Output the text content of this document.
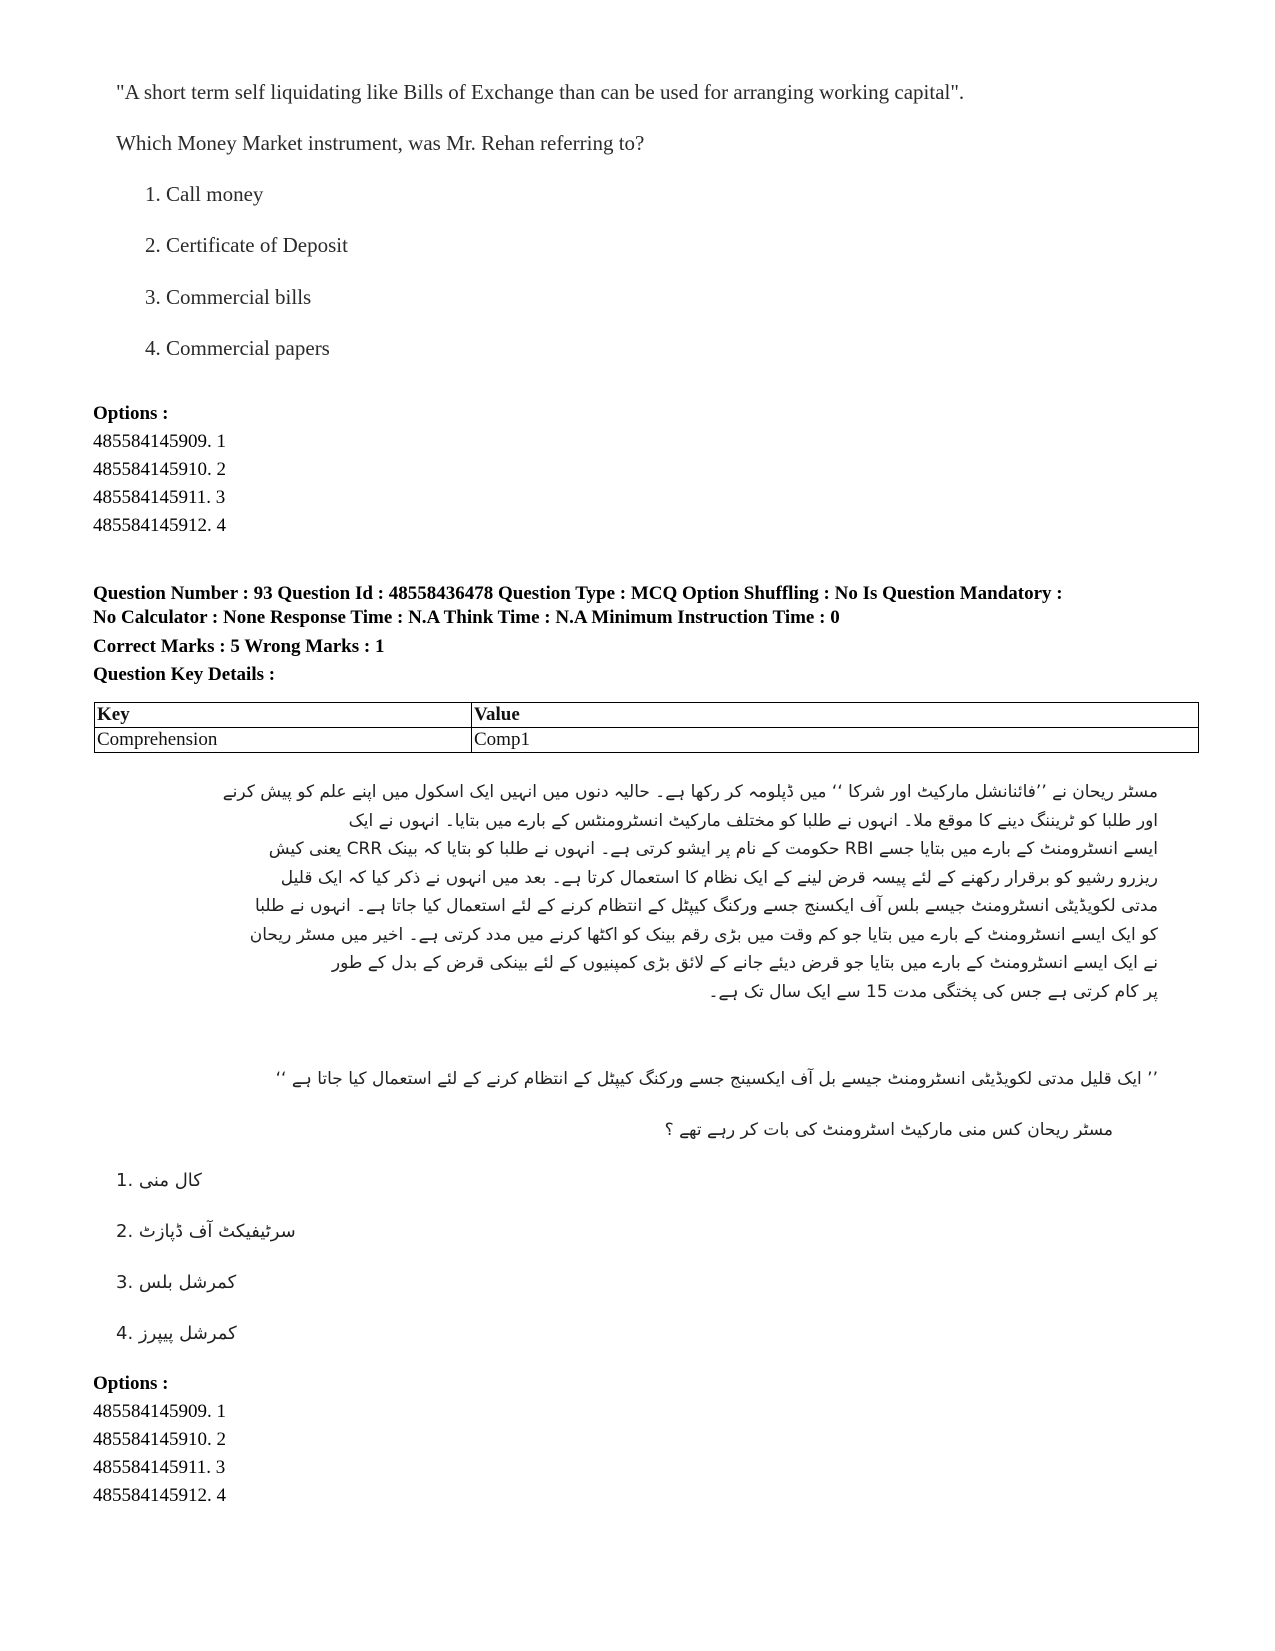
"A short term self liquidating like Bills of Exchange than can be used for arranging working capital".
Which Money Market instrument, was Mr. Rehan referring to?
1. Call money
2. Certificate of Deposit
3. Commercial bills
4. Commercial papers
Options :
485584145909. 1
485584145910. 2
485584145911. 3
485584145912. 4
Question Number : 93 Question Id : 48558436478 Question Type : MCQ Option Shuffling : No Is Question Mandatory :
No Calculator : None Response Time : N.A Think Time : N.A Minimum Instruction Time : 0
Correct Marks : 5 Wrong Marks : 1
Question Key Details :
Key	Value
Comprehension	Comp1
مسٹر ریحان نے ’’فائنانشل مارکیٹ اور شرکا ‘‘ میں ڈپلومہ کر رکھا ہے۔ حالیہ دنوں میں انہیں ایک اسکول میں اپنے علم کو پیش کرنے
اور طلبا کو ٹریننگ دینے کا موقع ملا۔ انہوں نے طلبا کو مختلف مارکیٹ انسٹرومنٹس کے بارے میں بتایا۔ انہوں نے ایک
ایسے انسٹرومنٹ کے بارے میں بتایا جسے RBI حکومت کے نام پر ایشو کرتی ہے۔ انہوں نے طلبا کو بتایا کہ بینک CRR یعنی کیش
ریزرو رشیو کو برقرار رکھنے کے لئے پیسہ قرض لینے کے ایک نظام کا استعمال کرتا ہے۔ بعد میں انہوں نے ذکر کیا کہ ایک قلیل
مدتی لکویڈیٹی انسٹرومنٹ جیسے بلس آف ایکسنج جسے ورکنگ کیپٹل کے انتظام کرنے کے لئے استعمال کیا جاتا ہے۔ انہوں نے طلبا
کو ایک ایسے انسٹرومنٹ کے بارے میں بتایا جو کم وقت میں بڑی رقم بینک کو اکٹھا کرنے میں مدد کرتی ہے۔ اخیر میں مسٹر ریحان
نے ایک ایسے انسٹرومنٹ کے بارے میں بتایا جو قرض دیئے جانے کے لائق بڑی کمپنیوں کے لئے بینکی قرض کے بدل کے طور
پر کام کرتی ہے جس کی پختگی مدت 15 سے ایک سال تک ہے۔
’’ ایک قلیل مدتی لکویڈیٹی انسٹرومنٹ جیسے بل آف ایکسینج جسے ورکنگ کیپٹل کے انتظام کرنے کے لئے استعمال کیا جاتا ہے ‘‘
مسٹر ریحان کس منی مارکیٹ اسٹرومنٹ کی بات کر رہے تھے ؟
کال منی .1
سرٹیفیکٹ آف ڈپازٹ .2
کمرشل بلس .3
کمرشل پیپرز .4
Options :
485584145909. 1
485584145910. 2
485584145911. 3
485584145912. 4
